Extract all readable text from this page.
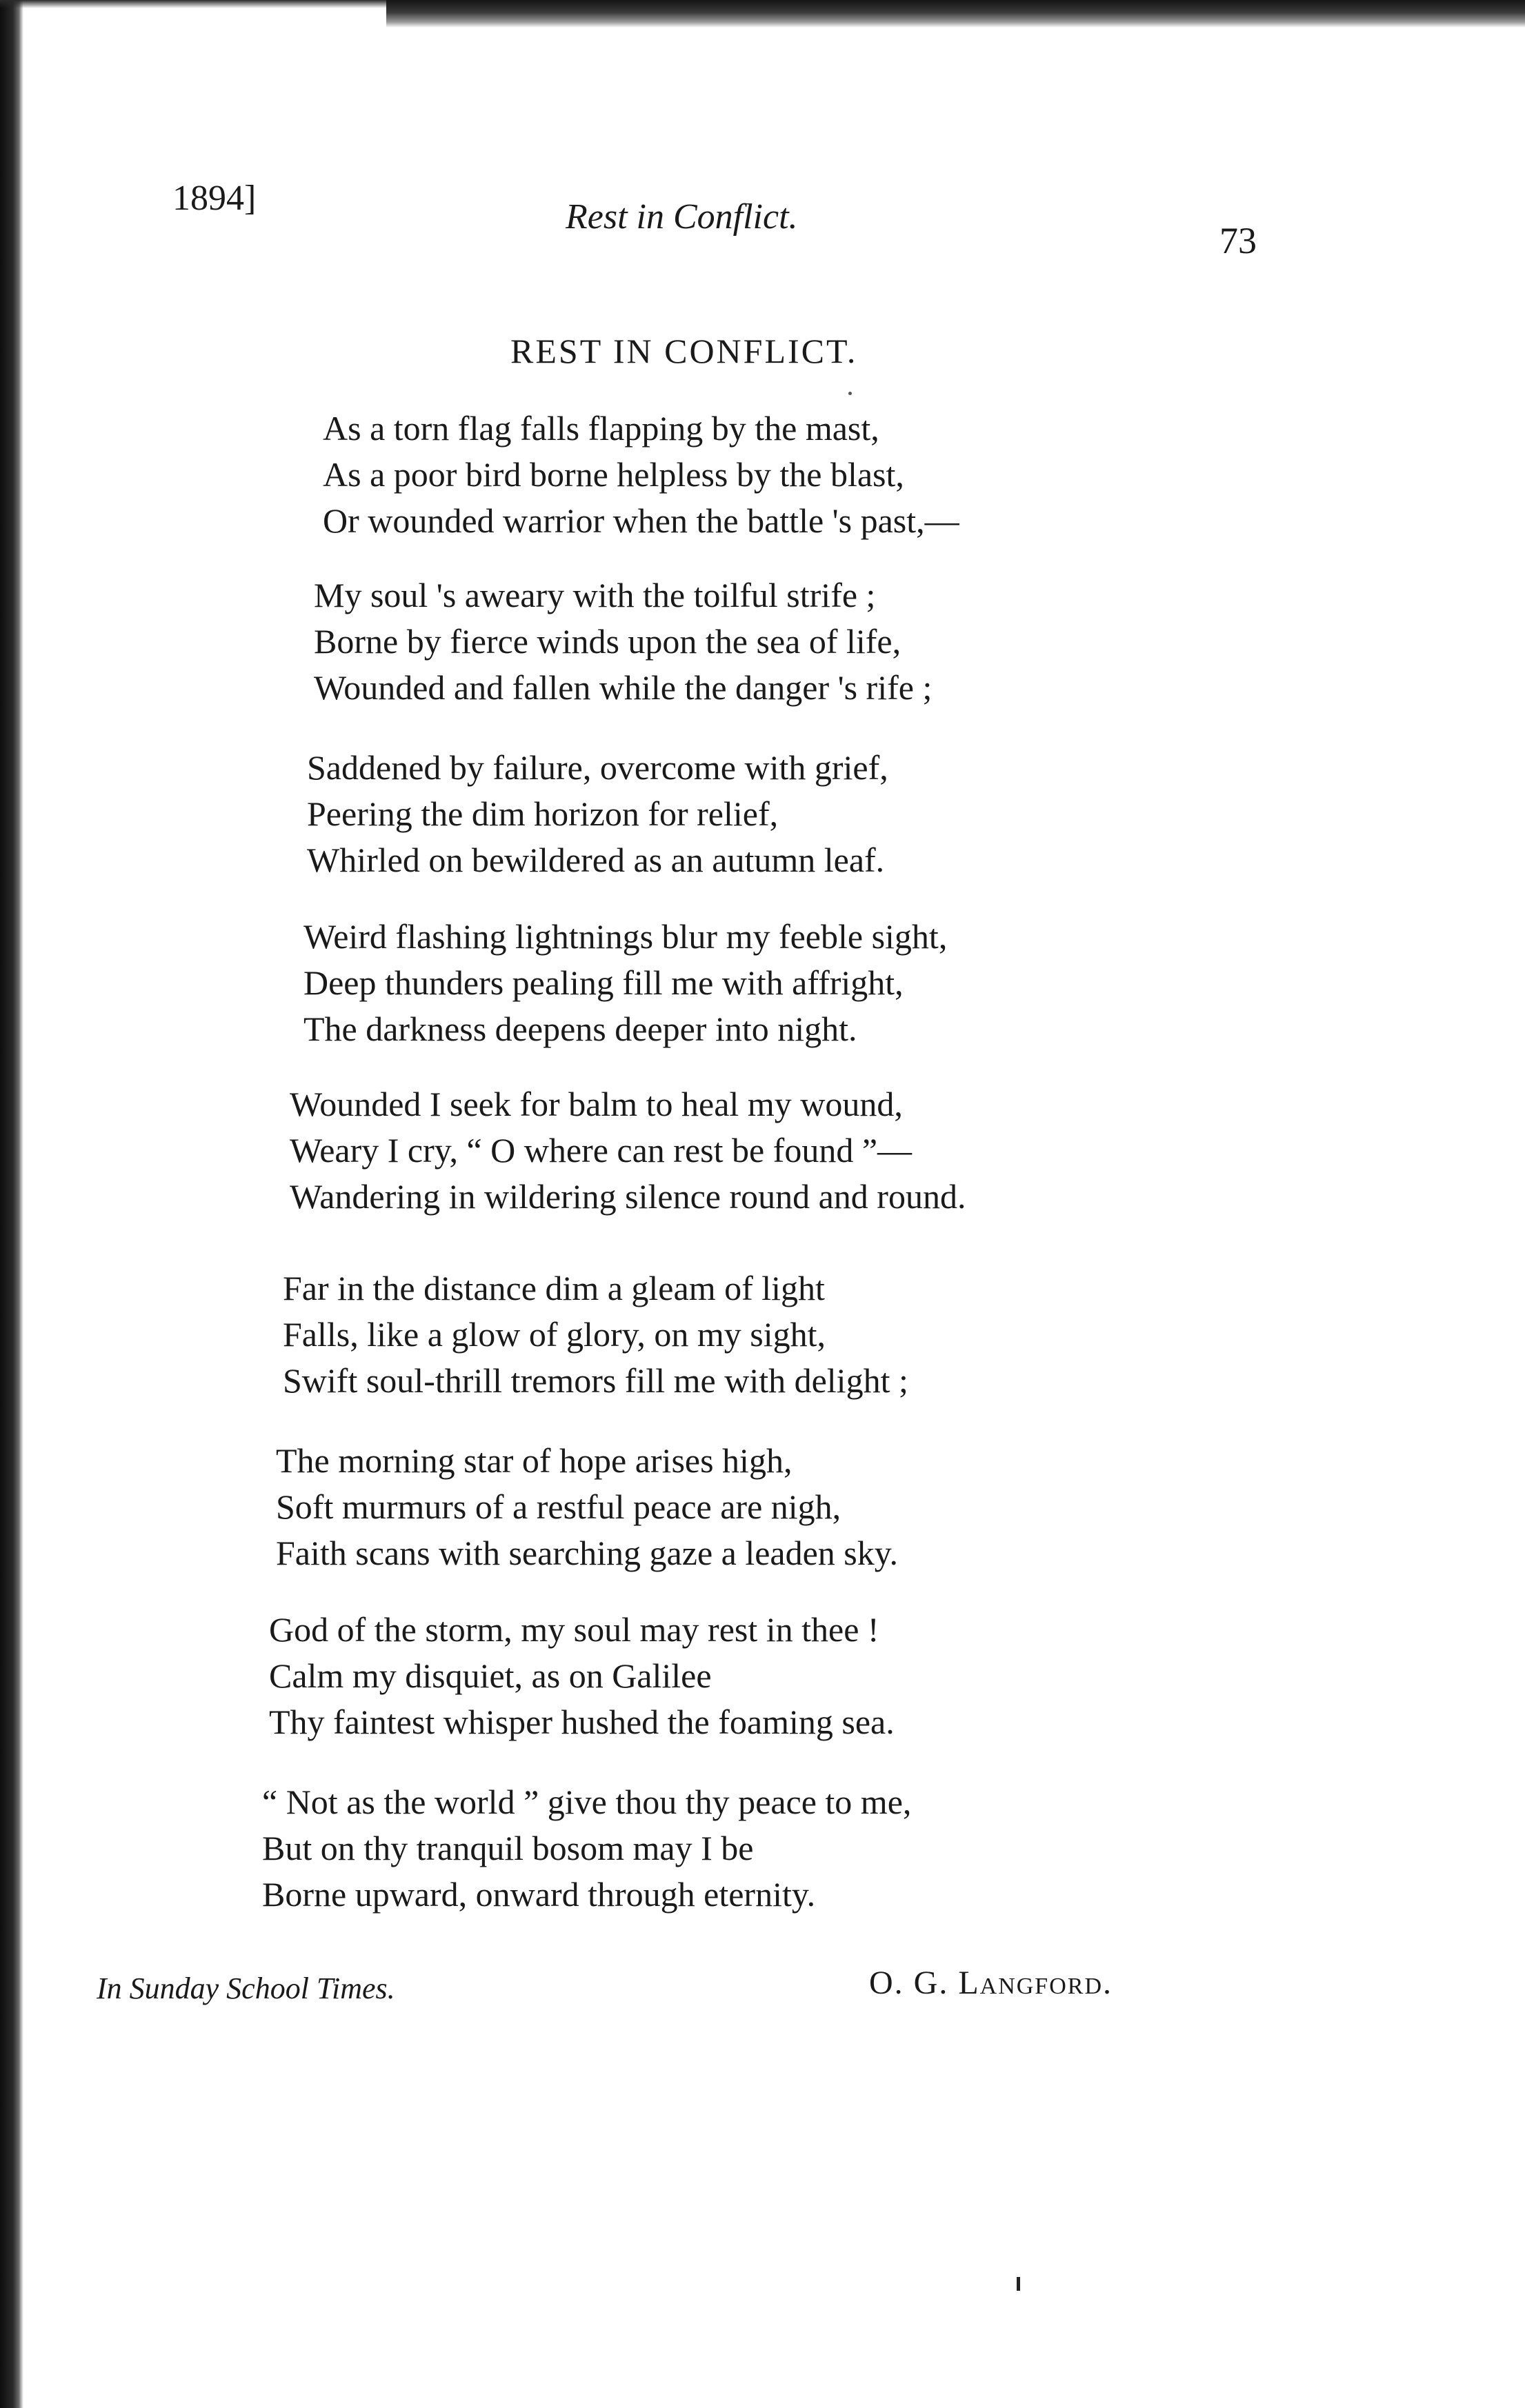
1894]	Rest in Conflict.
73
REST IN CONFLICT.
As a torn flag falls flapping by the mast,
As a poor bird borne helpless by the blast,
Or wounded warrior when the battle 's past,—
My soul 's aweary with the toilful strife ;
Borne by fierce winds upon the sea of life,
Wounded and fallen while the danger 's rife ;
Saddened by failure, overcome with grief,
Peering the dim horizon for relief,
Whirled on bewildered as an autumn leaf.
Weird flashing lightnings blur my feeble sight,
Deep thunders pealing fill me with affright,
The darkness deepens deeper into night.
Wounded I seek for balm to heal my wound,
Weary I cry, “ O where can rest be found ”—
Wandering in wildering silence round and round.
Far in the distance dim a gleam of light
Falls, like a glow of glory, on my sight,
Swift soul-thrill tremors fill me with delight ;
The morning star of hope arises high,
Soft murmurs of a restful peace are nigh,
Faith scans with searching gaze a leaden sky.
God of the storm, my soul may rest in thee !
Calm my disquiet, as on Galilee
Thy faintest whisper hushed the foaming sea.
“ Not as the world ” give thou thy peace to me,
But on thy tranquil bosom may I be
Borne upward, onward through eternity.
In Sunday School Times.	O. G. Langford.
